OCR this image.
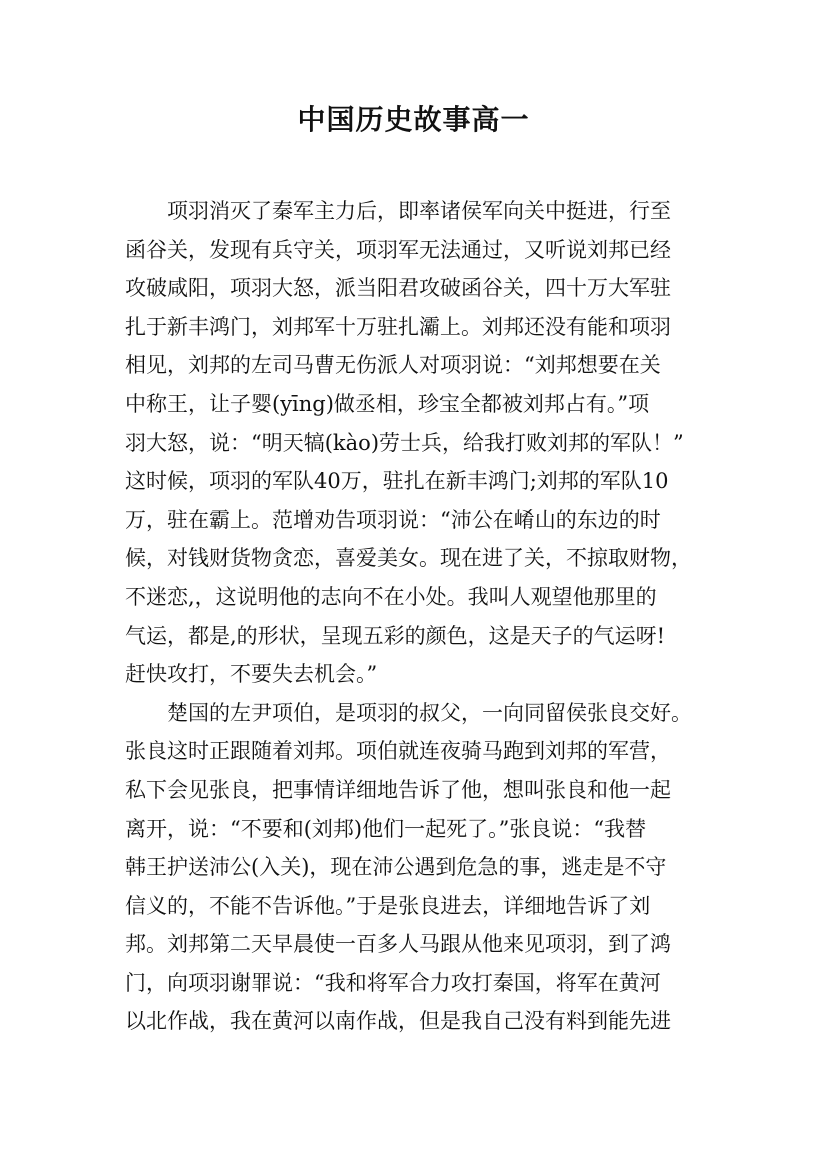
中国历史故事高一

项羽消灭了秦军主力后，即率诸侯军向关中挺进，行至
函谷关，发现有兵守关，项羽军无法通过，又听说刘邦已经
攻破咸阳，项羽大怒，派当阳君攻破函谷关，四十万大军驻
扎于新丰鸿门，刘邦军十万驻扎灞上。刘邦还没有能和项羽
相见，刘邦的左司马曹无伤派人对项羽说：“刘邦想要在关
中称王，让子婴(yīng)做丞相，珍宝全都被刘邦占有。”项
羽大怒，说：“明天犒(kào)劳士兵，给我打败刘邦的军队！”
这时候，项羽的军队40万，驻扎在新丰鸿门;刘邦的军队10
万，驻在霸上。范增劝告项羽说：“沛公在崤山的东边的时
候，对钱财货物贪恋，喜爱美女。现在进了关，不掠取财物，
不迷恋,，这说明他的志向不在小处。我叫人观望他那里的
气运，都是,的形状，呈现五彩的颜色，这是天子的气运呀!
赶快攻打，不要失去机会。”

楚国的左尹项伯，是项羽的叔父，一向同留侯张良交好。
张良这时正跟随着刘邦。项伯就连夜骑马跑到刘邦的军营，
私下会见张良，把事情详细地告诉了他，想叫张良和他一起
离开，说：“不要和(刘邦)他们一起死了。”张良说：“我替
韩王护送沛公(入关)，现在沛公遇到危急的事，逃走是不守
信义的，不能不告诉他。”于是张良进去，详细地告诉了刘
邦。刘邦第二天早晨使一百多人马跟从他来见项羽，到了鸿
门，向项羽谢罪说：“我和将军合力攻打秦国，将军在黄河
以北作战，我在黄河以南作战，但是我自己没有料到能先进
